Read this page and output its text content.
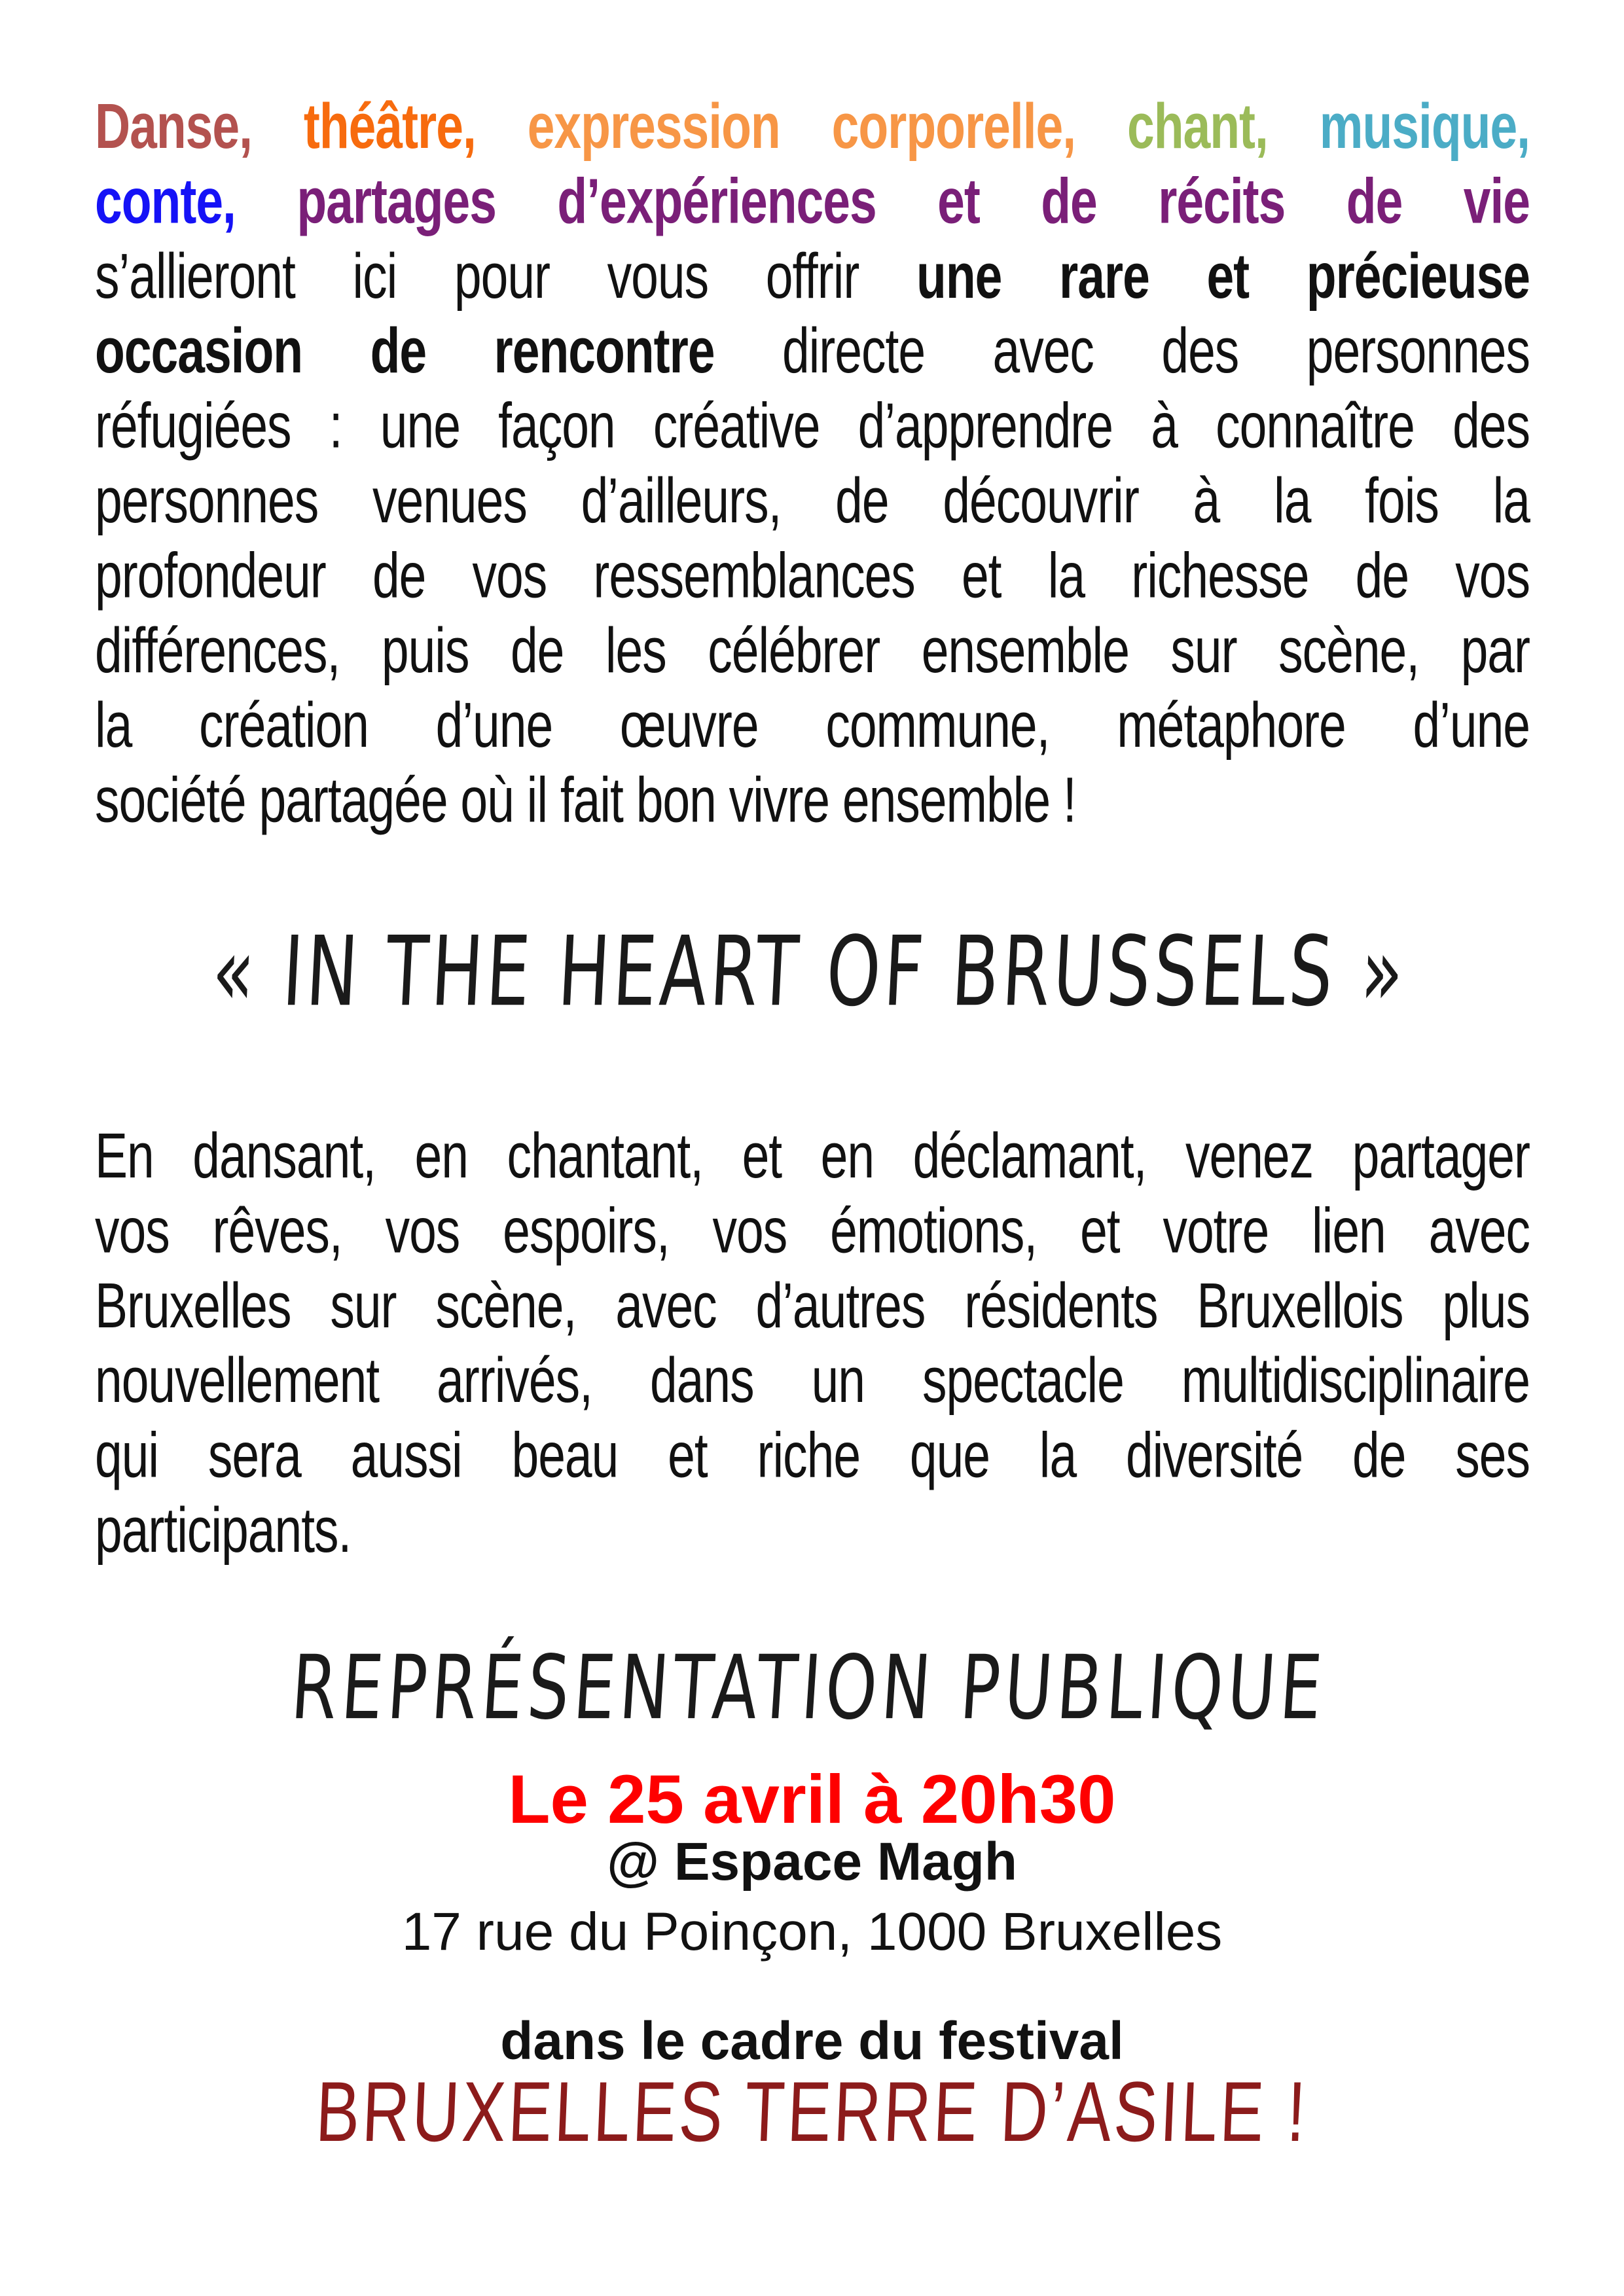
Danse, théâtre, expression corporelle, chant, musique,
conte, partages d’expériences et de récits de vie
s’allieront ici pour vous offrir une rare et précieuse
occasion de rencontre directe avec des personnes
réfugiées : une façon créative d’apprendre à connaître des
personnes venues d’ailleurs, de découvrir à la fois la
profondeur de vos ressemblances et la richesse de vos
différences, puis de les célébrer ensemble sur scène, par
la création d’une œuvre commune, métaphore d’une
société partagée où il fait bon vivre ensemble !
« IN THE HEART OF BRUSSELS »
En dansant, en chantant, et en déclamant, venez partager
vos rêves, vos espoirs, vos émotions, et votre lien avec
Bruxelles sur scène, avec d’autres résidents Bruxellois plus
nouvellement arrivés, dans un spectacle multidisciplinaire
qui sera aussi beau et riche que la diversité de ses
participants.
REPRÉSENTATION PUBLIQUE
Le 25 avril à 20h30
@ Espace Magh
17 rue du Poinçon, 1000 Bruxelles
dans le cadre du festival
BRUXELLES TERRE D’ASILE !
